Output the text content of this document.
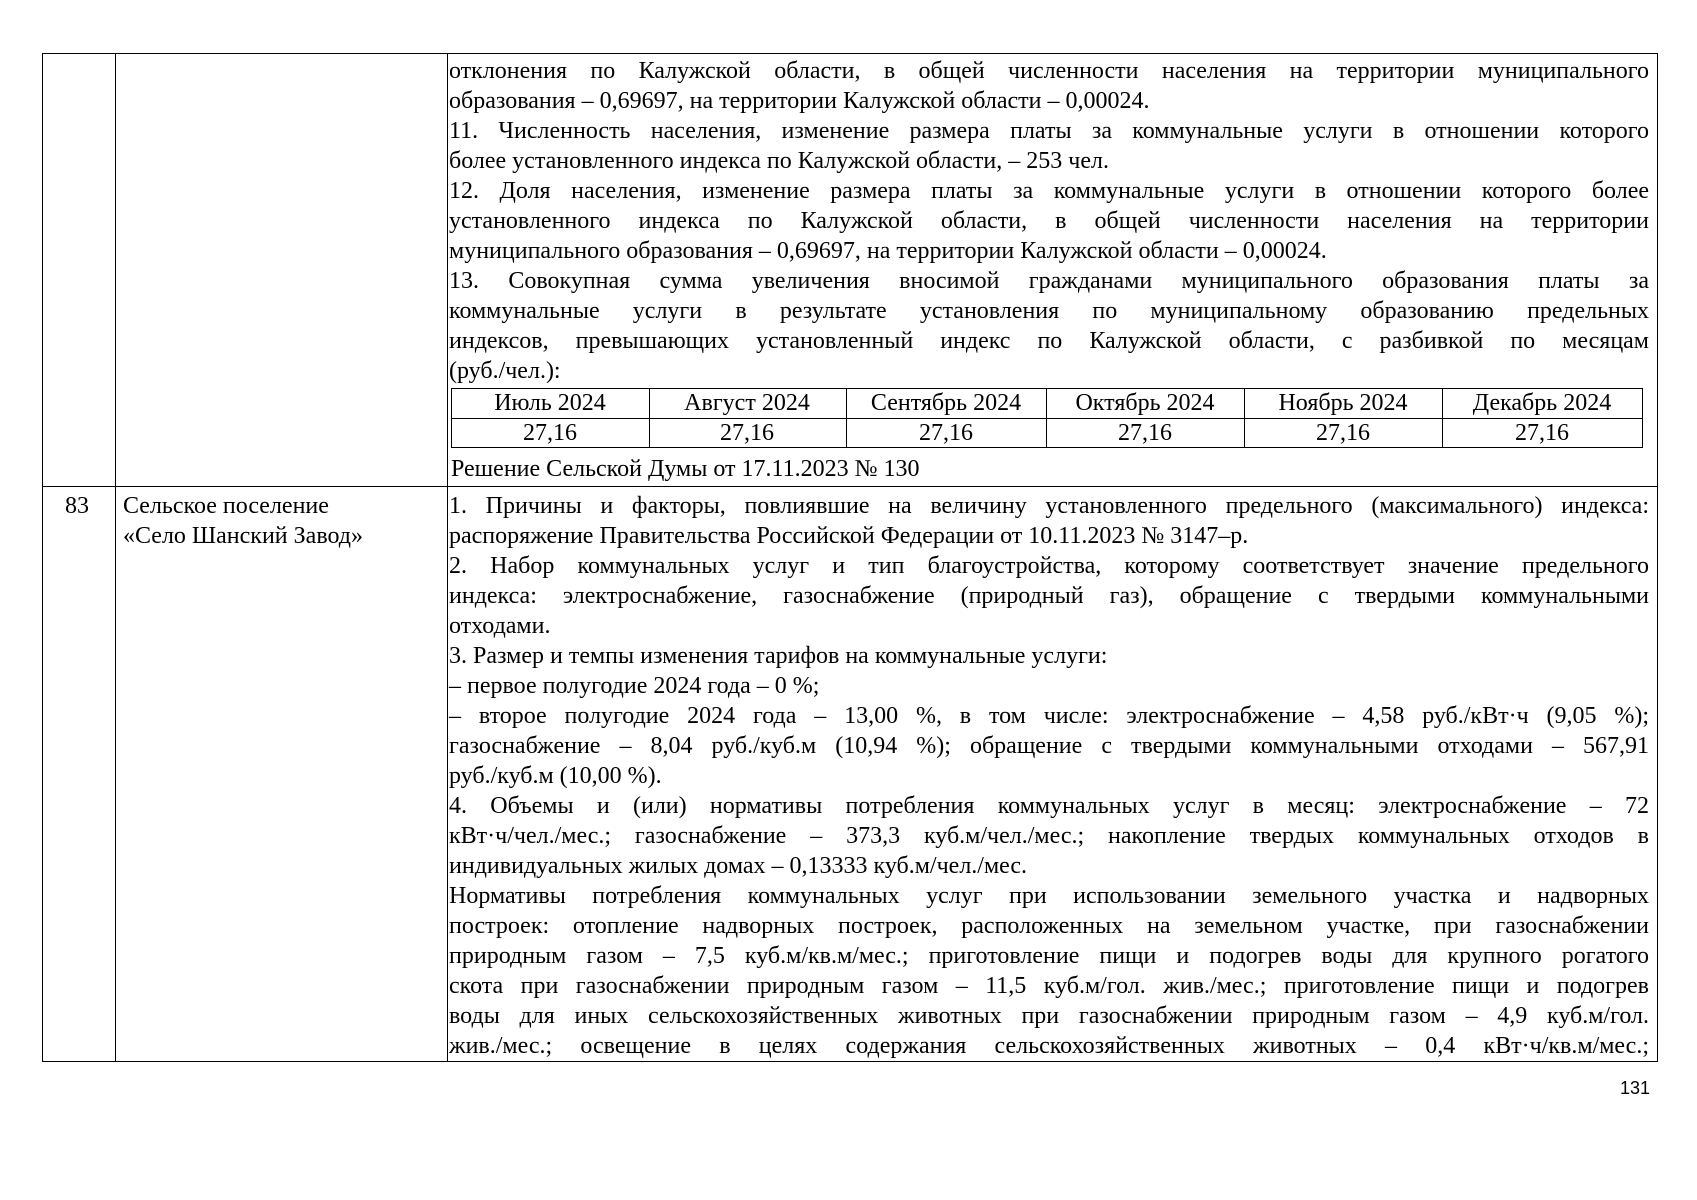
отклонения по Калужской области, в общей численности населения на территории муниципального
образования – 0,69697, на территории Калужской области – 0,00024.
11. Численность населения, изменение размера платы за коммунальные услуги в отношении которого
более установленного индекса по Калужской области, – 253 чел.
12. Доля населения, изменение размера платы за коммунальные услуги в отношении которого более
установленного индекса по Калужской области, в общей численности населения на территории
муниципального образования – 0,69697, на территории Калужской области – 0,00024.
13. Совокупная сумма увеличения вносимой гражданами муниципального образования платы за
коммунальные услуги в результате установления по муниципальному образованию предельных
индексов, превышающих установленный индекс по Калужской области, с разбивкой по месяцам
(руб./чел.):
Июль 2024	Август 2024	Сентябрь 2024	Октябрь 2024	Ноябрь 2024	Декабрь 2024
27,16	27,16	27,16	27,16	27,16	27,16
Решение Сельской Думы от 17.11.2023 № 130
83 Сельское поселение
«Село Шанский Завод»
1. Причины и факторы, повлиявшие на величину установленного предельного (максимального) индекса:
распоряжение Правительства Российской Федерации от 10.11.2023 № 3147–р.
2. Набор коммунальных услуг и тип благоустройства, которому соответствует значение предельного
индекса: электроснабжение, газоснабжение (природный газ), обращение с твердыми коммунальными
отходами.
3. Размер и темпы изменения тарифов на коммунальные услуги:
– первое полугодие 2024 года – 0 %;
– второе полугодие 2024 года – 13,00 %, в том числе: электроснабжение – 4,58 руб./кВт·ч (9,05 %);
газоснабжение – 8,04 руб./куб.м (10,94 %); обращение с твердыми коммунальными отходами – 567,91
руб./куб.м (10,00 %).
4. Объемы и (или) нормативы потребления коммунальных услуг в месяц: электроснабжение – 72
кВт·ч/чел./мес.; газоснабжение – 373,3 куб.м/чел./мес.; накопление твердых коммунальных отходов в
индивидуальных жилых домах – 0,13333 куб.м/чел./мес.
Нормативы потребления коммунальных услуг при использовании земельного участка и надворных
построек: отопление надворных построек, расположенных на земельном участке, при газоснабжении
природным газом – 7,5 куб.м/кв.м/мес.; приготовление пищи и подогрев воды для крупного рогатого
скота при газоснабжении природным газом – 11,5 куб.м/гол. жив./мес.; приготовление пищи и подогрев
воды для иных сельскохозяйственных животных при газоснабжении природным газом – 4,9 куб.м/гол.
жив./мес.; освещение в целях содержания сельскохозяйственных животных – 0,4 кВт·ч/кв.м/мес.;
131
